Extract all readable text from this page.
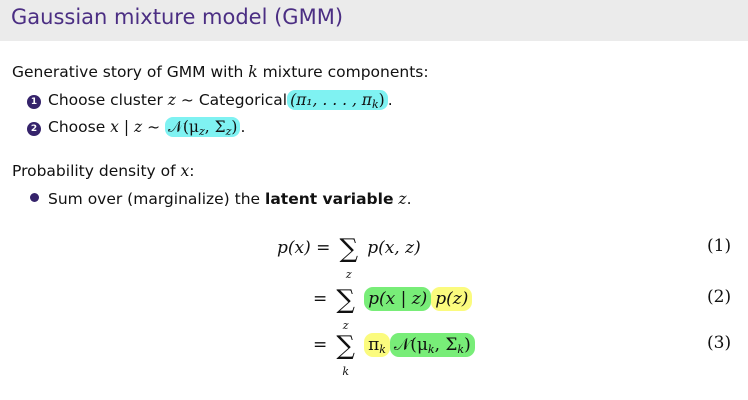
Gaussian mixture model (GMM)
Generative story of GMM with k mixture components:
1 Choose cluster z ~ Categorical (π₁, . . . , $\pi_k$) .
2 Choose x | z ~ $𝒩(\mu_z$, $\Sigma_z$) .
Probability density of x:
Sum over (marginalize) the latent variable z.
p(x) = ∑
z
p(x, z)	(1)
= ∑
z
p(x | z) p(z)	(2)
= ∑
k
$\pi_k$ $𝒩(\mu_k$, $\Sigma_k$)	(3)
